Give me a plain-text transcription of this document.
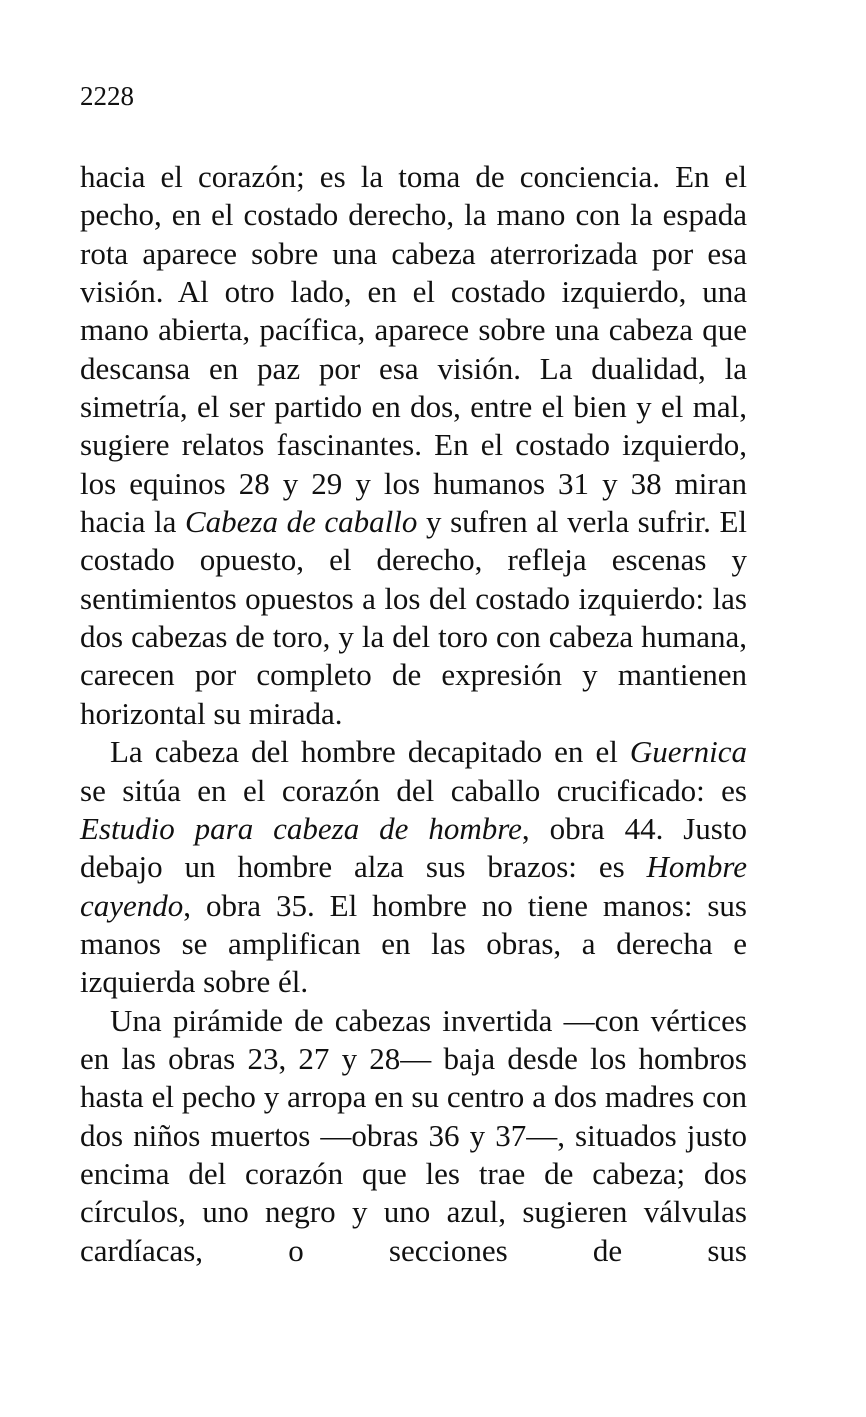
2228

hacia el corazón; es la toma de conciencia. En el pecho, en el costado derecho, la mano con la espada rota aparece sobre una cabeza aterrorizada por esa visión. Al otro lado, en el costado izquierdo, una mano abierta, pacífica, aparece sobre una cabeza que descansa en paz por esa visión. La dualidad, la simetría, el ser partido en dos, entre el bien y el mal, sugiere relatos fascinantes. En el costado izquierdo, los equinos 28 y 29 y los humanos 31 y 38 miran hacia la Cabeza de caballo y sufren al verla sufrir. El costado opuesto, el derecho, refleja escenas y sentimientos opuestos a los del costado izquierdo: las dos cabezas de toro, y la del toro con cabeza humana, carecen por completo de expresión y mantienen horizontal su mirada.

La cabeza del hombre decapitado en el Guernica se sitúa en el corazón del caballo crucificado: es Estudio para cabeza de hombre, obra 44. Justo debajo un hombre alza sus brazos: es Hombre cayendo, obra 35. El hombre no tiene manos: sus manos se amplifican en las obras, a derecha e izquierda sobre él.

Una pirámide de cabezas invertida —con vértices en las obras 23, 27 y 28— baja desde los hombros hasta el pecho y arropa en su centro a dos madres con dos niños muertos —obras 36 y 37—, situados justo encima del corazón que les trae de cabeza; dos círculos, uno negro y uno azul, sugieren válvulas cardíacas, o secciones de sus
